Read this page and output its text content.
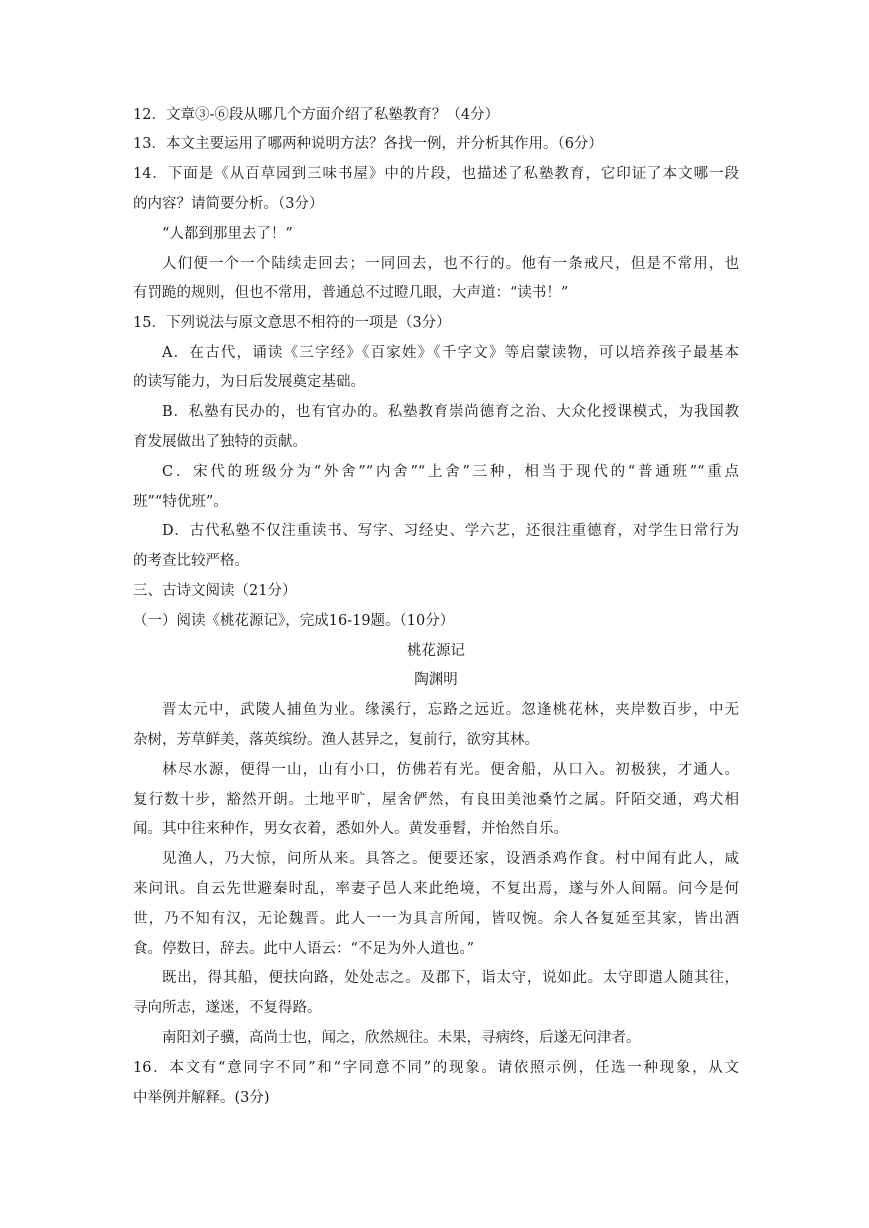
12．文章③-⑥段从哪几个方面介绍了私塾教育？（4分）
13．本文主要运用了哪两种说明方法？各找一例，并分析其作用。（6分）
14．下面是《从百草园到三味书屋》中的片段，也描述了私塾教育，它印证了本文哪一段
的内容？请简要分析。（3分）
“人都到那里去了！”
人们便一个一个陆续走回去；一同回去，也不行的。他有一条戒尺，但是不常用，也
有罚跪的规则，但也不常用，普通总不过瞪几眼，大声道：“读书！”
15．下列说法与原文意思不相符的一项是（3分）
A．在古代，诵读《三字经》《百家姓》《千字文》等启蒙读物，可以培养孩子最基本
的读写能力，为日后发展奠定基础。
B．私塾有民办的，也有官办的。私塾教育崇尚德育之治、大众化授课模式，为我国教
育发展做出了独特的贡献。
C．宋代的班级分为“外舍”“内舍”“上舍”三种，相当于现代的“普通班”“重点
班”“特优班”。
D．古代私塾不仅注重读书、写字、习经史、学六艺，还很注重德育，对学生日常行为
的考查比较严格。
三、古诗文阅读（21分）
（一）阅读《桃花源记》，完成16-19题。（10分）
桃花源记
陶渊明
晋太元中，武陵人捕鱼为业。缘溪行，忘路之远近。忽逢桃花林，夹岸数百步，中无
杂树，芳草鲜美，落英缤纷。渔人甚异之，复前行，欲穷其林。
林尽水源，便得一山，山有小口，仿佛若有光。便舍船，从口入。初极狭，才通人。
复行数十步，豁然开朗。土地平旷，屋舍俨然，有良田美池桑竹之属。阡陌交通，鸡犬相
闻。其中往来种作，男女衣着，悉如外人。黄发垂髫，并怡然自乐。
见渔人，乃大惊，问所从来。具答之。便要还家，设酒杀鸡作食。村中闻有此人，咸
来问讯。自云先世避秦时乱，率妻子邑人来此绝境，不复出焉，遂与外人间隔。问今是何
世，乃不知有汉，无论魏晋。此人一一为具言所闻，皆叹惋。余人各复延至其家，皆出酒
食。停数日，辞去。此中人语云：“不足为外人道也。”
既出，得其船，便扶向路，处处志之。及郡下，诣太守，说如此。太守即遣人随其往，
寻向所志，遂迷，不复得路。
南阳刘子骥，高尚士也，闻之，欣然规往。未果，寻病终，后遂无问津者。
16．本文有“意同字不同”和“字同意不同”的现象。请依照示例，任选一种现象，从文
中举例并解释。(3分)
